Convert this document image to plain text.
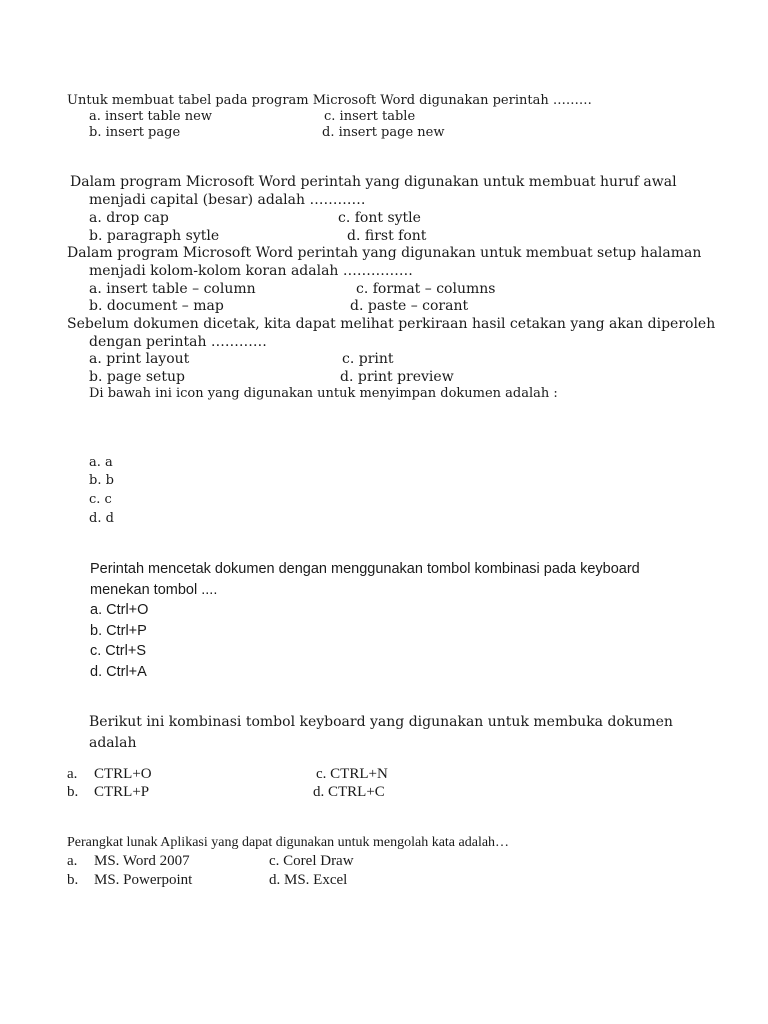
Untuk membuat tabel pada program Microsoft Word digunakan perintah ………
a. insert table new	c. insert table
b. insert page	d. insert page new
Dalam program Microsoft Word perintah yang digunakan untuk membuat huruf awal
menjadi capital (besar) adalah …………
a. drop cap	c. font sytle
b. paragraph sytle	d. first font
Dalam program Microsoft Word perintah yang digunakan untuk membuat setup halaman
menjadi kolom-kolom koran adalah ……………
a. insert table – column	c. format – columns
b. document – map	d. paste – corant
Sebelum dokumen dicetak, kita dapat melihat perkiraan hasil cetakan yang akan diperoleh
dengan perintah …………
a. print layout	c. print
b. page setup	d. print preview
Di bawah ini icon yang digunakan untuk menyimpan dokumen adalah :
a. a
b. b
c. c
d. d
Perintah mencetak dokumen dengan menggunakan tombol kombinasi pada keyboard
menekan tombol ....
a. Ctrl+O
b. Ctrl+P
c. Ctrl+S
d. Ctrl+A
Berikut ini kombinasi tombol keyboard yang digunakan untuk membuka dokumen
adalah
a. CTRL+O	c. CTRL+N
b. CTRL+P	d. CTRL+C
Perangkat lunak Aplikasi yang dapat digunakan untuk mengolah kata adalah…
a. MS. Word 2007	c. Corel Draw
b. MS. Powerpoint	d. MS. Excel
